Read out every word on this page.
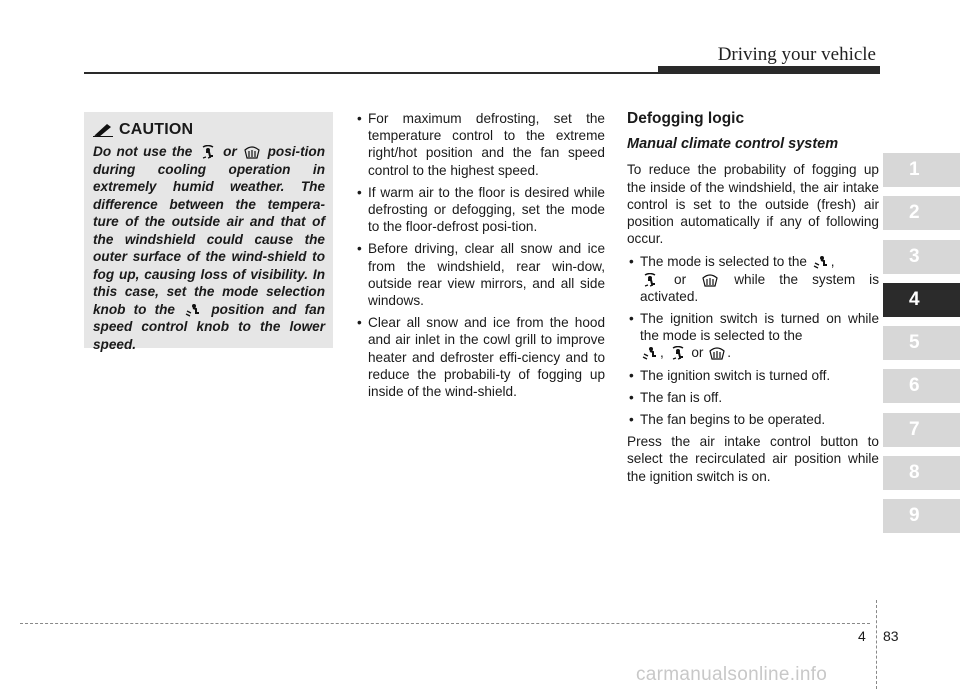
Driving your vehicle
CAUTION
Do not use the or posi-tion during cooling operation in extremely humid weather. The difference between the tempera-ture of the outside air and that of the windshield could cause the outer surface of the wind-shield to fog up, causing loss of visibility. In this case, set the mode selection knob to the	position and fan speed control knob to the lower speed.
• For maximum defrosting, set the temperature control to the extreme right/hot position and the fan speed control to the highest speed.
• If warm air to the floor is desired while defrosting or defogging, set the mode to the floor-defrost posi-tion.
• Before driving, clear all snow and ice from the windshield, rear win-dow, outside rear view mirrors, and all side windows.
• Clear all snow and ice from the hood and air inlet in the cowl grill to improve heater and defroster effi-ciency and to reduce the probabili-ty of fogging up inside of the wind-shield.
Defogging logic
Manual climate control system
To reduce the probability of fogging up the inside of the windshield, the air intake control is set to the outside (fresh) air position automatically if any of following occur.
• The mode is selected to the ,
or	while the system is activated.
• The ignition switch is turned on while the mode is selected to the
, or .
• The ignition switch is turned off.
• The fan is off.
• The fan begins to be operated.
Press the air intake control button to select the recirculated air position while the ignition switch is on.
1
2
3
4
5
6
7
8
9
4 83
carmanualsonline.info
